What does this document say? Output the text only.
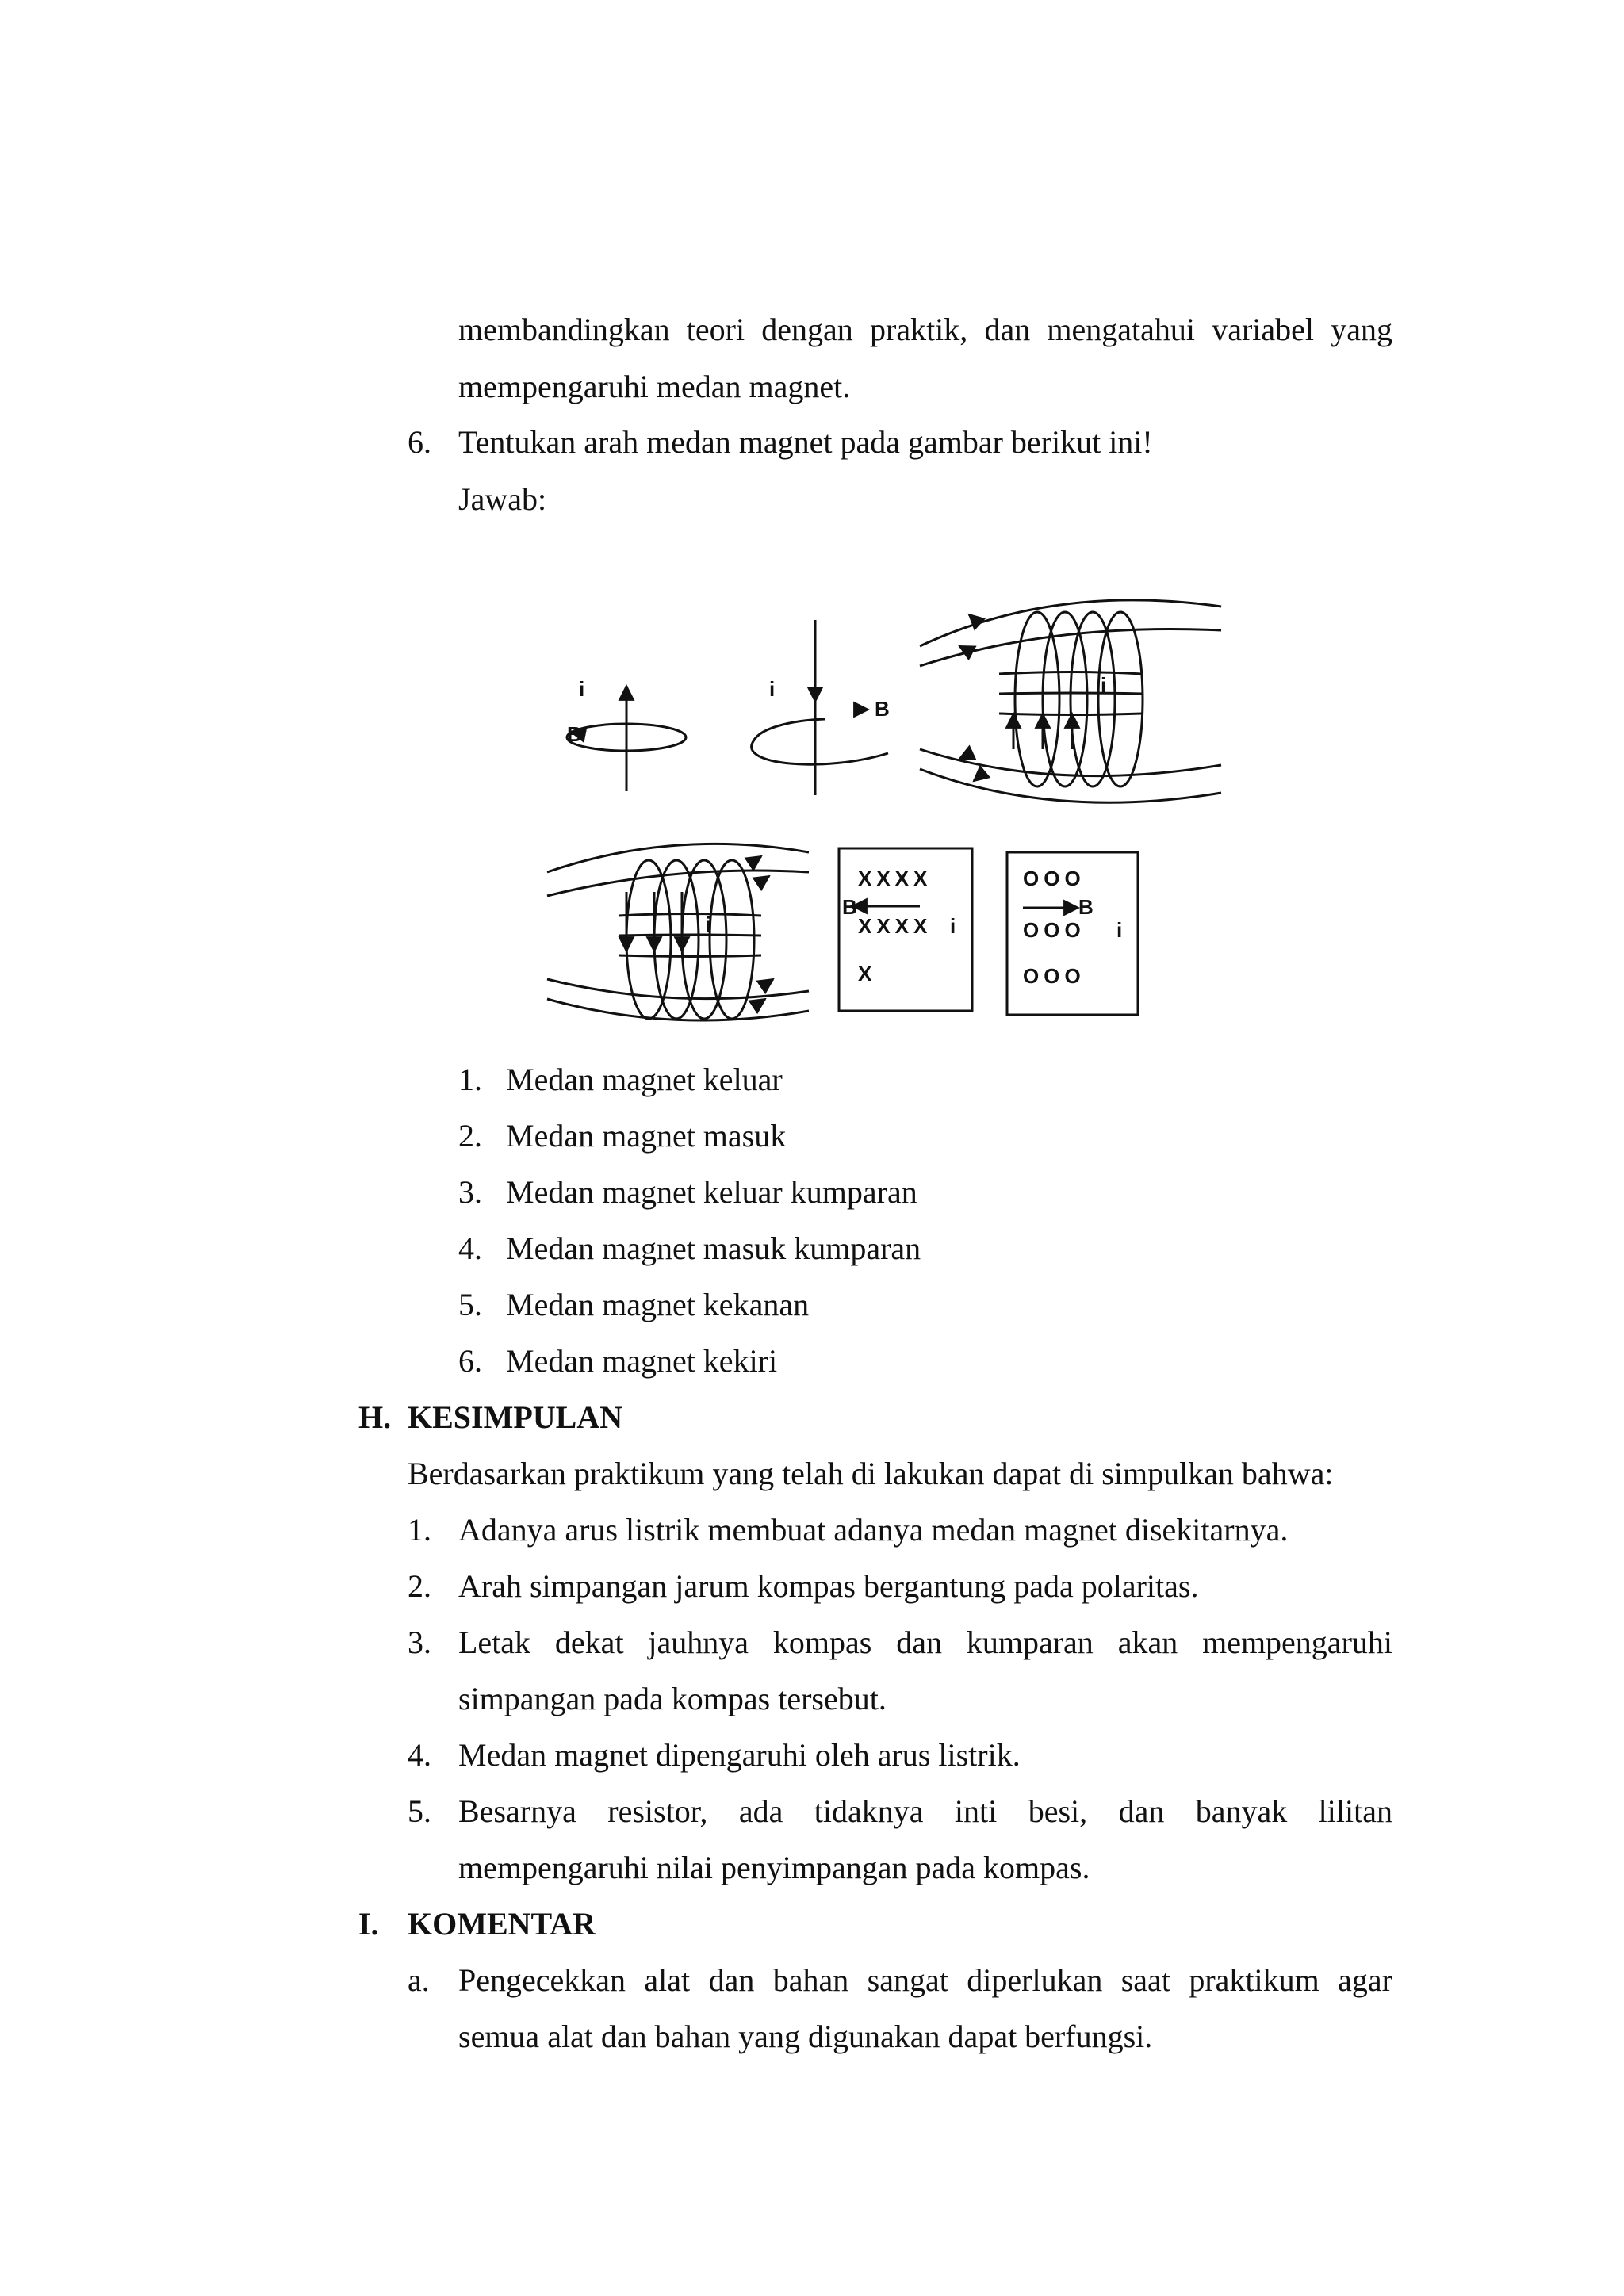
membandingkan teori dengan praktik, dan mengatahui variabel yang
mempengaruhi medan magnet.
6. Tentukan arah medan magnet pada gambar berikut ini!
Jawab:
i
B
i
B
i
i
XXXX
B
XXXX i
X
OOO
B
OOO i
OOO
1. Medan magnet keluar
2. Medan magnet masuk
3. Medan magnet keluar kumparan
4. Medan magnet masuk kumparan
5. Medan magnet kekanan
6. Medan magnet kekiri
H. KESIMPULAN
Berdasarkan praktikum yang telah di lakukan dapat di simpulkan bahwa:
1. Adanya arus listrik membuat adanya medan magnet disekitarnya.
2. Arah simpangan jarum kompas bergantung pada polaritas.
3. Letak dekat jauhnya kompas dan kumparan akan mempengaruhi
simpangan pada kompas tersebut.
4. Medan magnet dipengaruhi oleh arus listrik.
5. Besarnya resistor, ada tidaknya inti besi, dan banyak lilitan
mempengaruhi nilai penyimpangan pada kompas.
I. KOMENTAR
a. Pengecekkan alat dan bahan sangat diperlukan saat praktikum agar
semua alat dan bahan yang digunakan dapat berfungsi.
